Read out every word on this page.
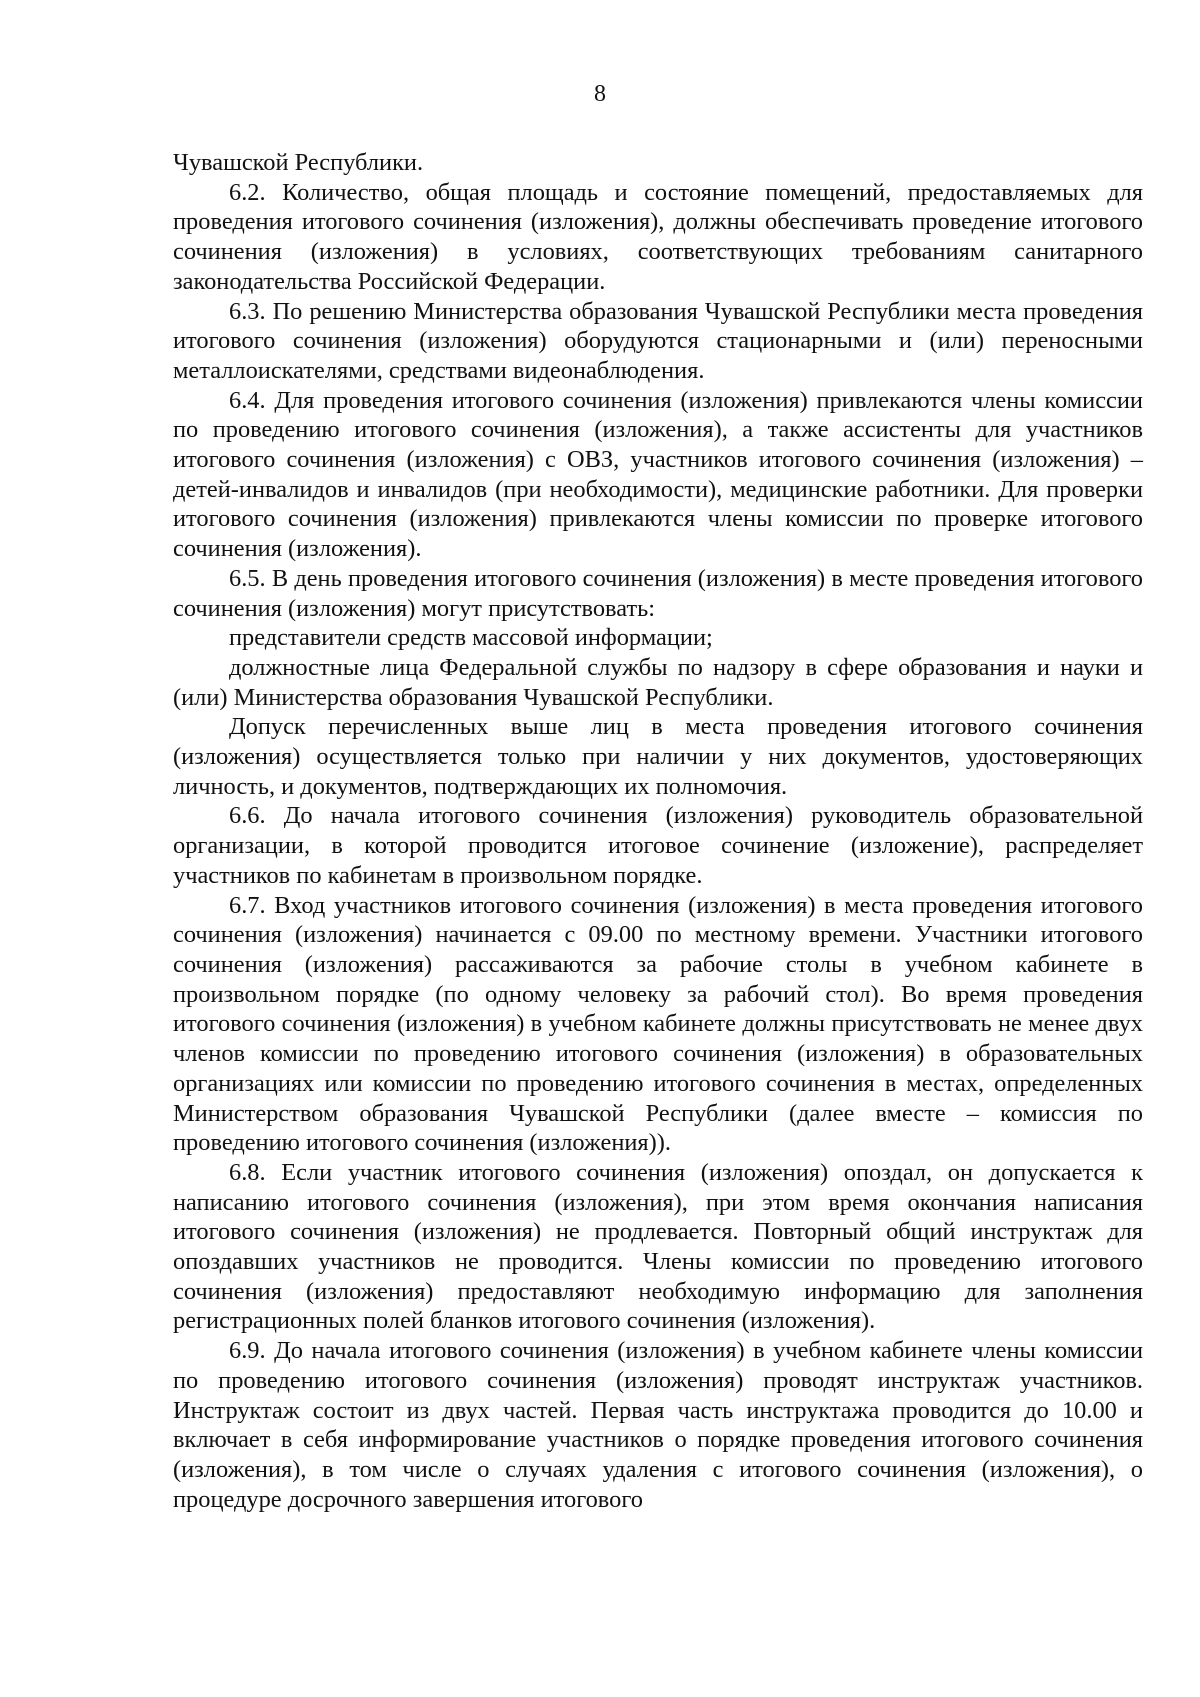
8

Чувашской Республики.

6.2. Количество, общая площадь и состояние помещений, предоставляемых для проведения итогового сочинения (изложения), должны обеспечивать проведение итогового сочинения (изложения) в условиях, соответствующих требованиям санитарного законодательства Российской Федерации.

6.3. По решению Министерства образования Чувашской Республики места проведения итогового сочинения (изложения) оборудуются стационарными и (или) переносными металлоискателями, средствами видеонаблюдения.

6.4. Для проведения итогового сочинения (изложения) привлекаются члены комиссии по проведению итогового сочинения (изложения), а также ассистенты для участников итогового сочинения (изложения) с ОВЗ, участников итогового сочинения (изложения) – детей-инвалидов и инвалидов (при необходимости), медицинские работники. Для проверки итогового сочинения (изложения) привлекаются члены комиссии по проверке итогового сочинения (изложения).

6.5. В день проведения итогового сочинения (изложения) в месте проведения итогового сочинения (изложения) могут присутствовать:

представители средств массовой информации;

должностные лица Федеральной службы по надзору в сфере образования и науки и (или) Министерства образования Чувашской Республики.

Допуск перечисленных выше лиц в места проведения итогового сочинения (изложения) осуществляется только при наличии у них документов, удостоверяющих личность, и документов, подтверждающих их полномочия.

6.6. До начала итогового сочинения (изложения) руководитель образовательной организации, в которой проводится итоговое сочинение (изложение), распределяет участников по кабинетам в произвольном порядке.

6.7. Вход участников итогового сочинения (изложения) в места проведения итогового сочинения (изложения) начинается с 09.00 по местному времени. Участники итогового сочинения (изложения) рассаживаются за рабочие столы в учебном кабинете в произвольном порядке (по одному человеку за рабочий стол). Во время проведения итогового сочинения (изложения) в учебном кабинете должны присутствовать не менее двух членов комиссии по проведению итогового сочинения (изложения) в образовательных организациях или комиссии по проведению итогового сочинения в местах, определенных Министерством образования Чувашской Республики (далее вместе – комиссия по проведению итогового сочинения (изложения)).

6.8. Если участник итогового сочинения (изложения) опоздал, он допускается к написанию итогового сочинения (изложения), при этом время окончания написания итогового сочинения (изложения) не продлевается. Повторный общий инструктаж для опоздавших участников не проводится. Члены комиссии по проведению итогового сочинения (изложения) предоставляют необходимую информацию для заполнения регистрационных полей бланков итогового сочинения (изложения).

6.9. До начала итогового сочинения (изложения) в учебном кабинете члены комиссии по проведению итогового сочинения (изложения) проводят инструктаж участников. Инструктаж состоит из двух частей. Первая часть инструктажа проводится до 10.00 и включает в себя информирование участников о порядке проведения итогового сочинения (изложения), в том числе о случаях удаления с итогового сочинения (изложения), о процедуре досрочного завершения итогового
